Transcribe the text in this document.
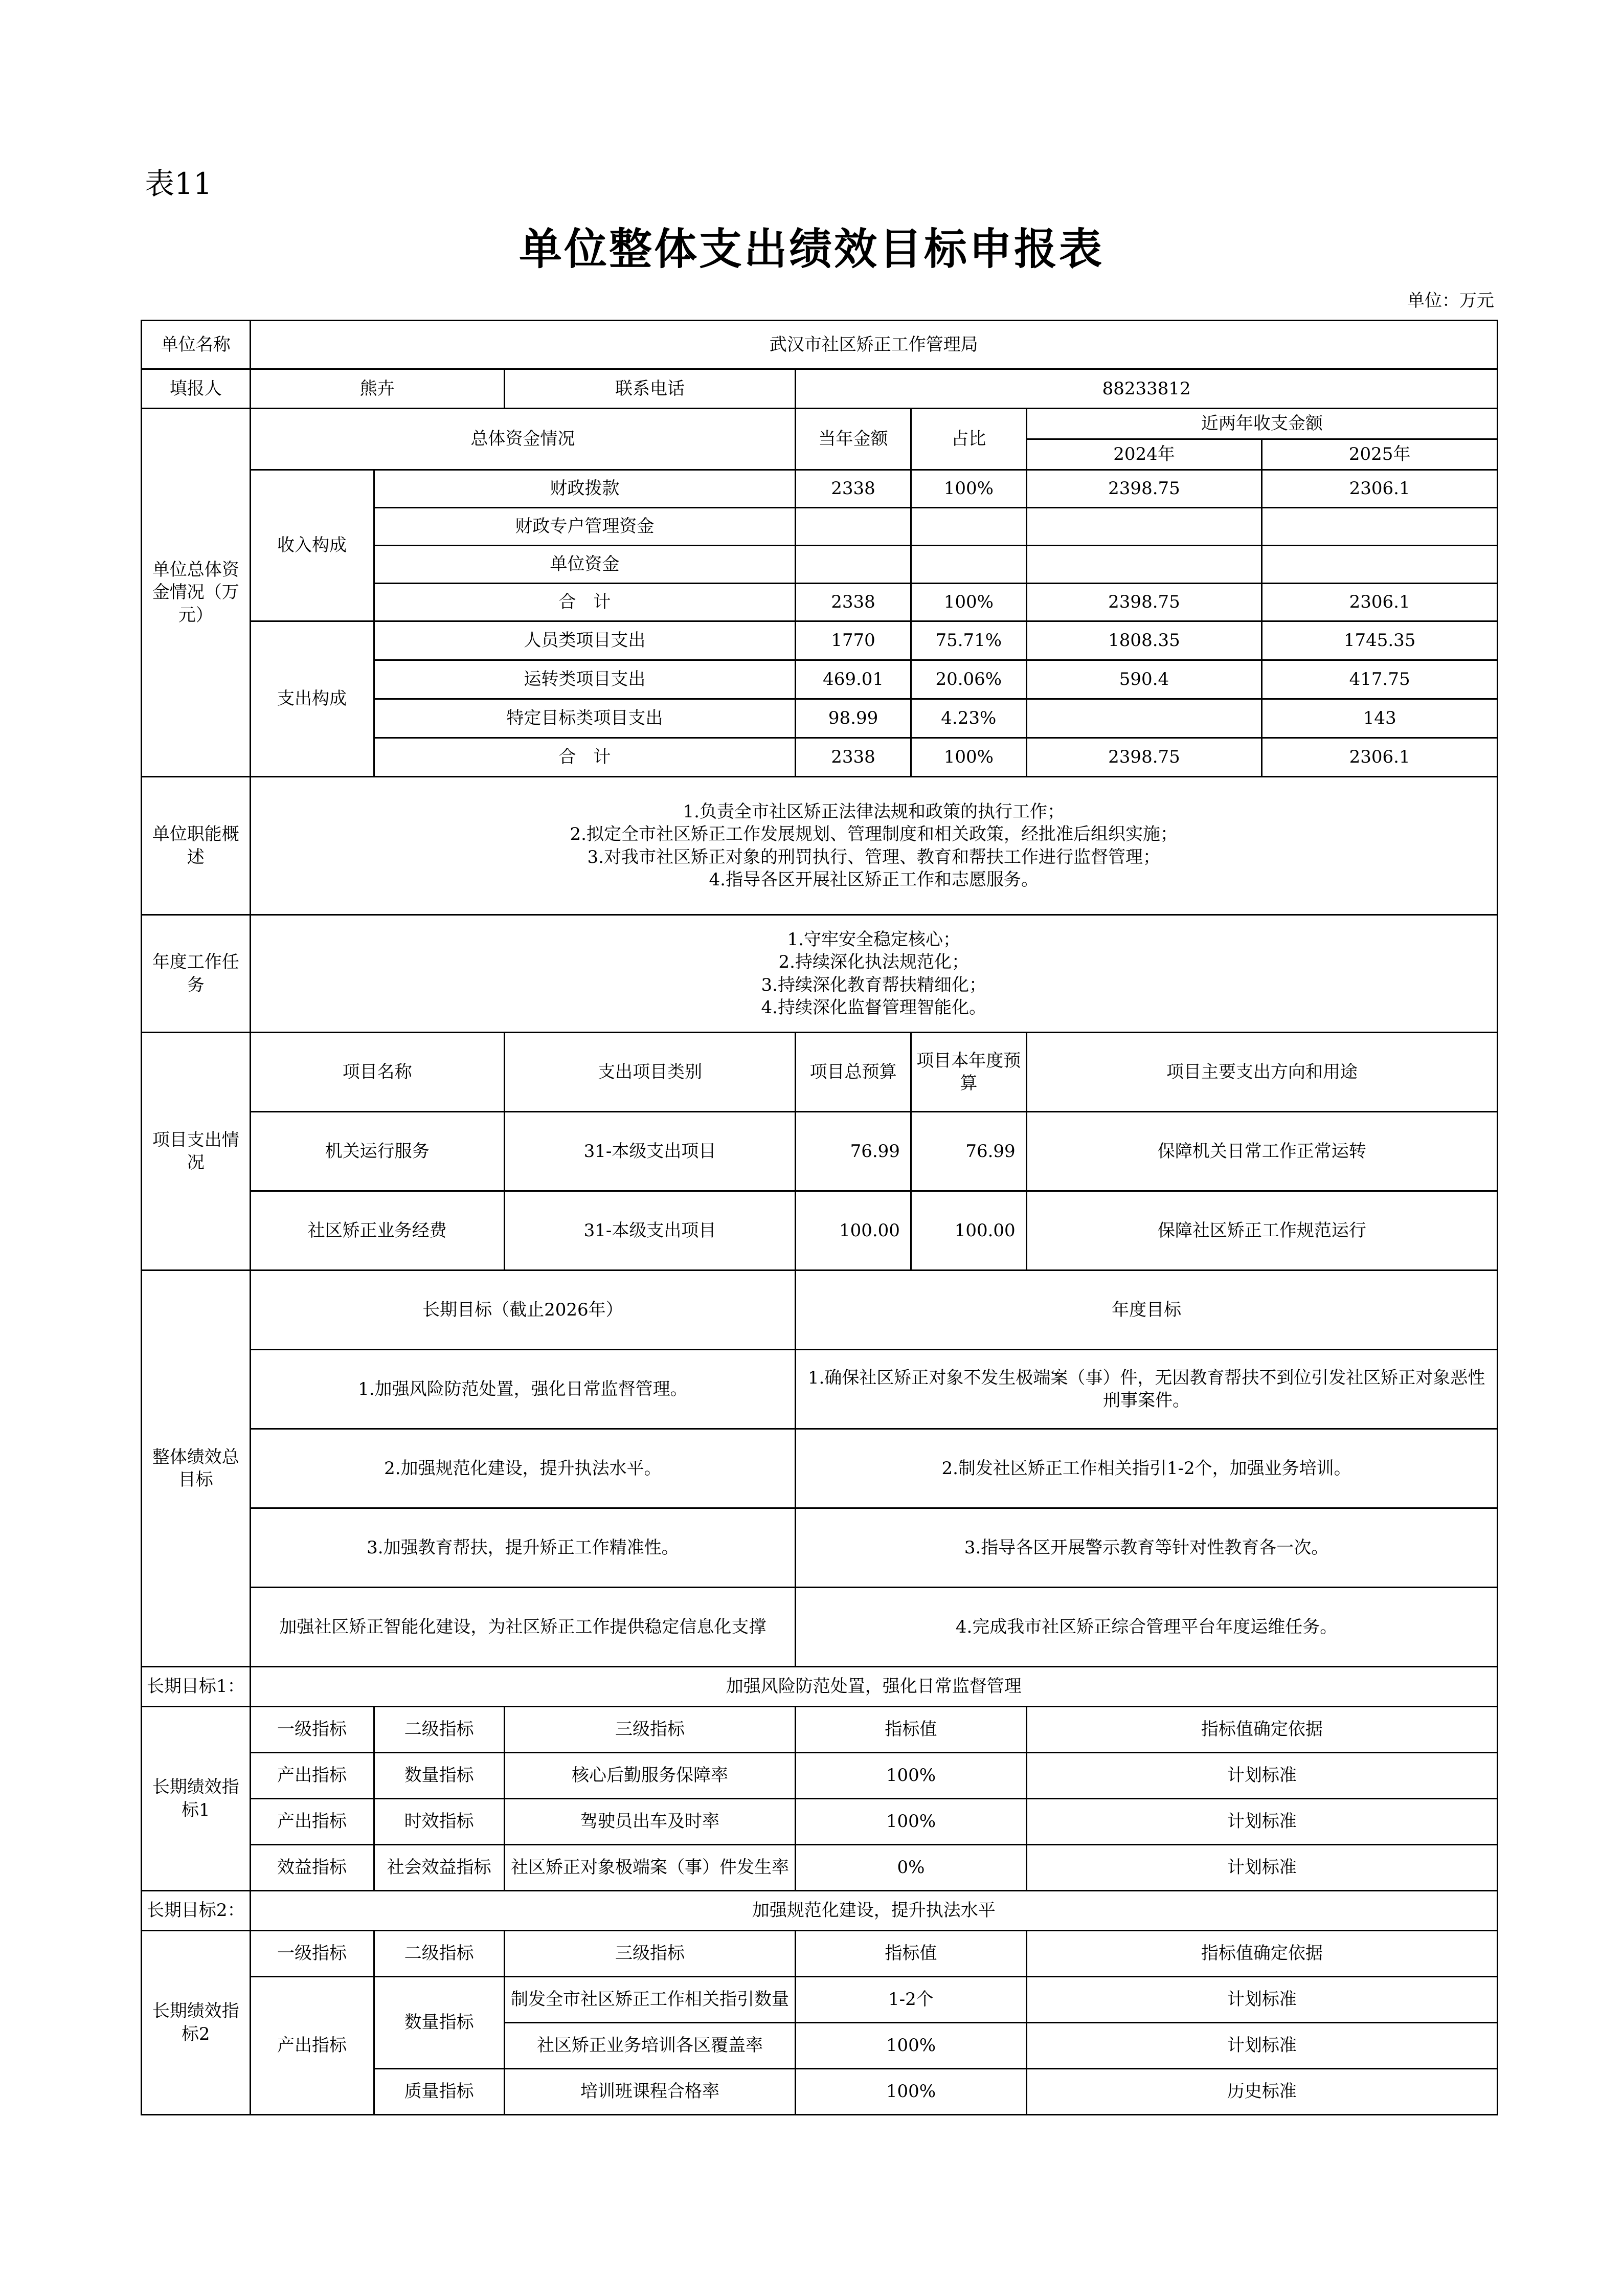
表11
单位整体支出绩效目标申报表
单位：万元
单位名称	武汉市社区矫正工作管理局						
填报人	熊卉		联系电话	88233812			
单位总体资金情况（万元）	总体资金情况			当年金额	占比	近两年收支金额	
						2024年	2025年
	收入构成	财政拨款		2338	100%	2398.75	2306.1
		财政专户管理资金					
		单位资金					
		合　计		2338	100%	2398.75	2306.1
	支出构成	人员类项目支出		1770	75.71%	1808.35	1745.35
		运转类项目支出		469.01	20.06%	590.4	417.75
		特定目标类项目支出		98.99	4.23%		143
		合　计		2338	100%	2398.75	2306.1
单位职能概述	1.负责全市社区矫正法律法规和政策的执行工作；
2.拟定全市社区矫正工作发展规划、管理制度和相关政策，经批准后组织实施；
3.对我市社区矫正对象的刑罚执行、管理、教育和帮扶工作进行监督管理；
4.指导各区开展社区矫正工作和志愿服务。						

年度工作任务	1.守牢安全稳定核心；
2.持续深化执法规范化；
3.持续深化教育帮扶精细化；
4.持续深化监督管理智能化。						

项目支出情况	项目名称		支出项目类别	项目总预算	项目本年度预算	项目主要支出方向和用途	
	机关运行服务		31-本级支出项目	76.99	76.99	保障机关日常工作正常运转	
	社区矫正业务经费		31-本级支出项目	100.00	100.00	保障社区矫正工作规范运行	
整体绩效总目标	长期目标（截止2026年）			年度目标			
	1.加强风险防范处置，强化日常监督管理。			1.确保社区矫正对象不发生极端案（事）件，无因教育帮扶不到位引发社区矫正对象恶性刑事案件。			
	2.加强规范化建设，提升执法水平。			2.制发社区矫正工作相关指引1-2个，加强业务培训。			
	3.加强教育帮扶，提升矫正工作精准性。			3.指导各区开展警示教育等针对性教育各一次。			
	加强社区矫正智能化建设，为社区矫正工作提供稳定信息化支撑			4.完成我市社区矫正综合管理平台年度运维任务。			
长期目标1：	加强风险防范处置，强化日常监督管理						
长期绩效指标1	一级指标	二级指标	三级指标	指标值		指标值确定依据	
	产出指标	数量指标	核心后勤服务保障率	100%		计划标准	
	产出指标	时效指标	驾驶员出车及时率	100%		计划标准	
	效益指标	社会效益指标	社区矫正对象极端案（事）件发生率	0%		计划标准	
长期目标2：	加强规范化建设，提升执法水平						
长期绩效指标2	一级指标	二级指标	三级指标	指标值		指标值确定依据	
	产出指标	数量指标	制发全市社区矫正工作相关指引数量	1-2个		计划标准	
			社区矫正业务培训各区覆盖率	100%		计划标准	
		质量指标	培训班课程合格率	100%		历史标准	
